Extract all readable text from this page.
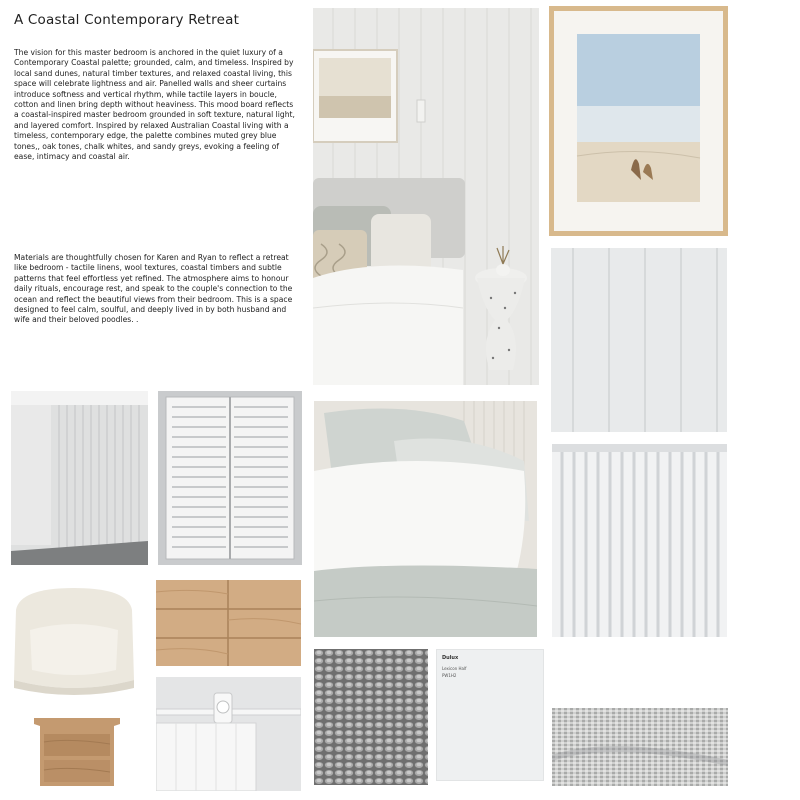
A Coastal Contemporary Retreat
The vision for this master bedroom is anchored in the quiet luxury of a Contemporary Coastal palette; grounded, calm, and timeless. Inspired by local sand dunes, natural timber textures, and relaxed coastal living, this space will celebrate lightness and air. Panelled walls and sheer curtains introduce softness and vertical rhythm, while tactile layers in boucle, cotton and linen bring depth without heaviness. This mood board reflects a coastal-inspired master bedroom grounded in soft texture, natural light, and layered comfort. Inspired by relaxed Australian Coastal living with a timeless, contemporary edge, the palette combines muted grey blue tones,, oak tones, chalk whites, and sandy greys, evoking a feeling of ease, intimacy and coastal air.
Materials are thoughtfully chosen for Karen and Ryan to reflect a retreat like bedroom - tactile linens, wool textures, coastal timbers and subtle patterns that feel effortless yet refined. The atmosphere aims to honour daily rituals, encourage rest, and speak to the couple's connection to the ocean and reflect the beautiful views from their bedroom. This is a space designed to feel calm, soulful, and deeply lived in by both husband and wife and their beloved poodles. .
Dulux
Lexicon Half
PW1H2
